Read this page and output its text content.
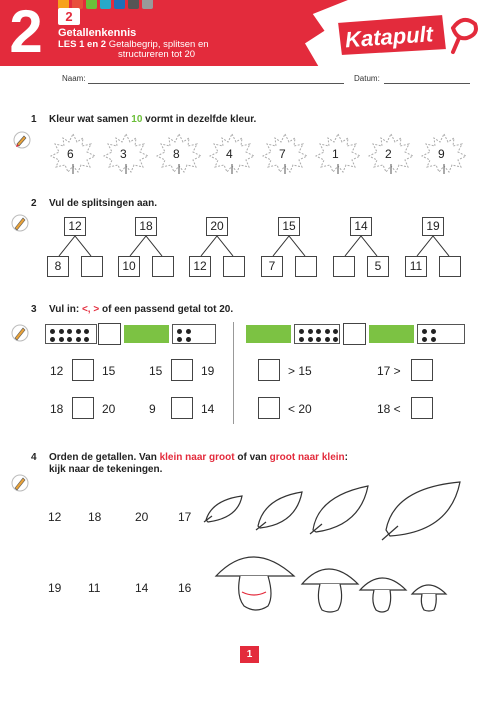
2	2
Getallenkennis
LES 1 en 2 Getalbegrip, splitsen en
structureren tot 20
Katapult
Naam:	Datum:
1 Kleur wat samen 10 vormt in dezelfde kleur.
6	3	8	4	7	1	2	9
2 Vul de splitsingen aan.
12
8
18
10
20
12
15
7
14
5
19
11
3 Vul in: <, > of een passend getal tot 20.
12	15	15	19
18	20	9	14
> 15	17 >
< 20	18 <
4 Orden de getallen. Van klein naar groot of van groot naar klein:
kijk naar de tekeningen.
12 18	20 17
19 11	14 16
1
